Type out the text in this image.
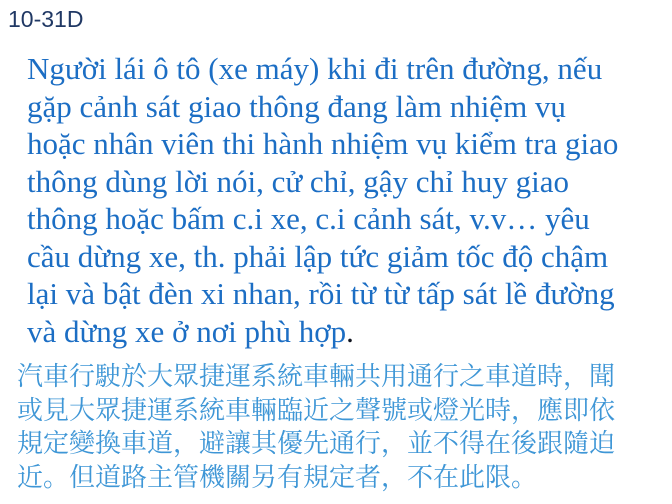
10-31D
Người lái ô tô (xe máy) khi đi trên đường, nếu
gặp cảnh sát giao thông đang làm nhiệm vụ
hoặc nhân viên thi hành nhiệm vụ kiểm tra giao
thông dùng lời nói, cử chỉ, gậy chỉ huy giao
thông hoặc bấm c.i xe, c.i cảnh sát, v.v… yêu
cầu dừng xe, th. phải lập tức giảm tốc độ chậm
lại và bật đèn xi nhan, rồi từ từ tấp sát lề đường
và dừng xe ở nơi phù hợp.
汽車行駛於大眾捷運系統車輛共用通行之車道時，聞
或見大眾捷運系統車輛臨近之聲號或燈光時，應即依
規定變換車道，避讓其優先通行，並不得在後跟隨迫
近。但道路主管機關另有規定者，不在此限。
